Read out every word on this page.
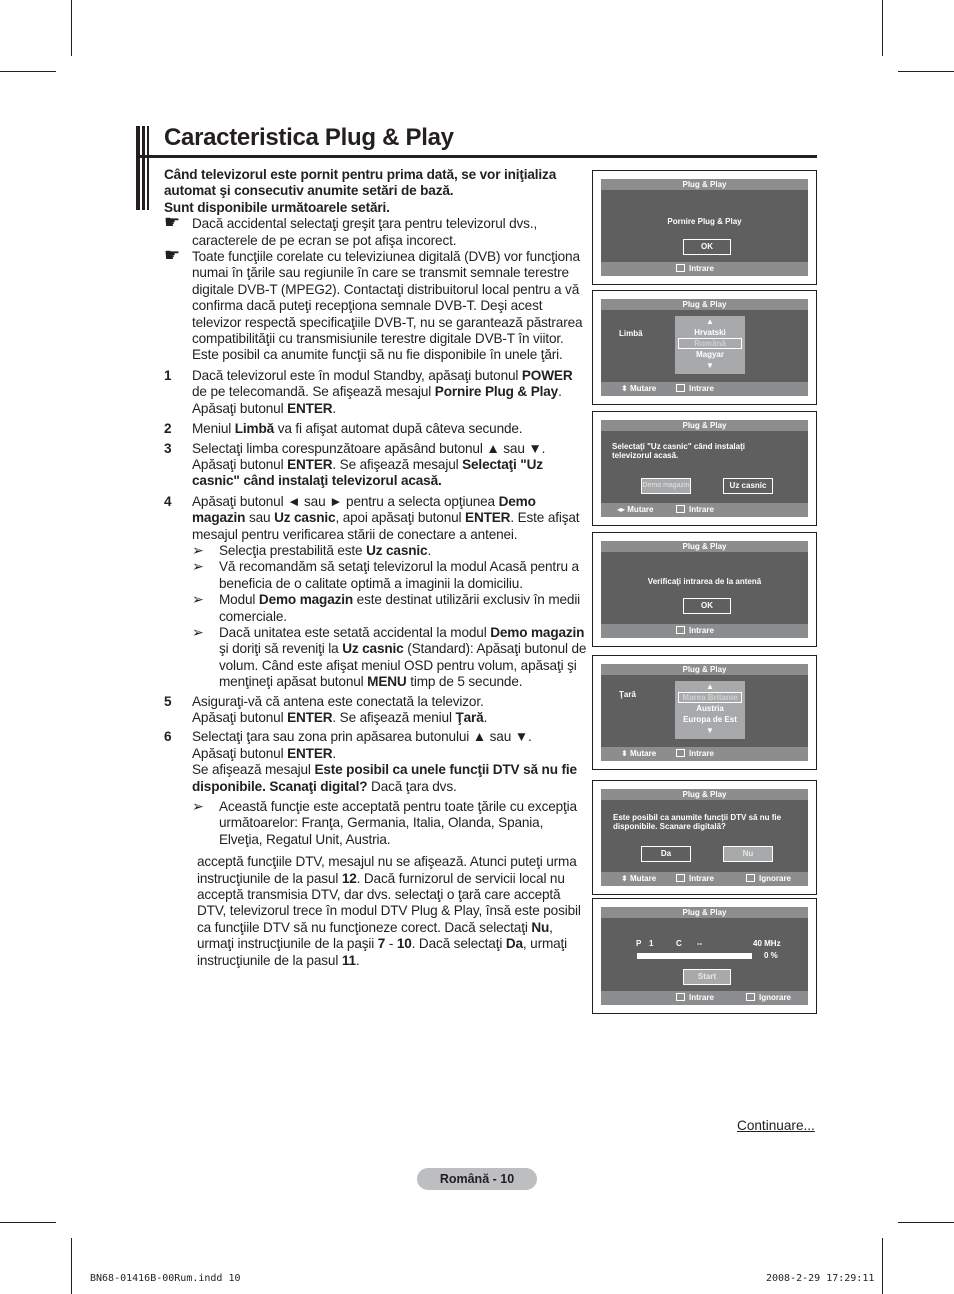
Caracteristica Plug & Play
Când televizorul este pornit pentru prima dată, se vor iniţializa
automat şi consecutiv anumite setări de bază.
Sunt disponibile următoarele setări.
☛ Dacă accidental selectaţi greşit ţara pentru televizorul dvs., caracterele de pe ecran se pot afişa incorect.
☛ Toate funcţiile corelate cu televiziunea digitală (DVB) vor funcţiona numai în ţările sau regiunile în care se transmit semnale terestre digitale DVB-T (MPEG2). Contactaţi distribuitorul local pentru a vă confirma dacă puteţi recepţiona semnale DVB-T. Deşi acest televizor respectă specificaţiile DVB-T, nu se garantează păstrarea compatibilităţii cu transmisiunile terestre digitale DVB-T în viitor. Este posibil ca anumite funcţii să nu fie disponibile în unele ţări.
1 Dacă televizorul este în modul Standby, apăsaţi butonul POWER de pe telecomandă. Se afişează mesajul Pornire Plug & Play. Apăsaţi butonul ENTER.
2 Meniul Limbă va fi afişat automat după câteva secunde.
3 Selectaţi limba corespunzătoare apăsând butonul ▲ sau ▼. Apăsaţi butonul ENTER. Se afişează mesajul Selectaţi "Uz casnic" când instalaţi televizorul acasă.
4 Apăsaţi butonul ◄ sau ► pentru a selecta opţiunea Demo magazin sau Uz casnic, apoi apăsaţi butonul ENTER. Este afişat mesajul pentru verificarea stării de conectare a antenei.
➢ Selecţia prestabilită este Uz casnic.
➢ Vă recomandăm să setaţi televizorul la modul Acasă pentru a beneficia de o calitate optimă a imaginii la domiciliu.
➢ Modul Demo magazin este destinat utilizării exclusiv în medii comerciale.
➢ Dacă unitatea este setată accidental la modul Demo magazin şi doriţi să reveniţi la Uz casnic (Standard): Apăsaţi butonul de volum. Când este afişat meniul OSD pentru volum, apăsaţi şi menţineţi apăsat butonul MENU timp de 5 secunde.
5 Asiguraţi-vă că antena este conectată la televizor.
Apăsaţi butonul ENTER. Se afişează meniul Ţară.
6 Selectaţi ţara sau zona prin apăsarea butonului ▲ sau ▼.
Apăsaţi butonul ENTER.
Se afişează mesajul Este posibil ca unele funcţii DTV să nu fie disponibile. Scanaţi digital? Dacă ţara dvs.
➢ Această funcţie este acceptată pentru toate ţările cu excepţia următoarelor: Franţa, Germania, Italia, Olanda, Spania, Elveţia, Regatul Unit, Austria.
acceptă funcţiile DTV, mesajul nu se afişează. Atunci puteţi urma instrucţiunile de la pasul 12. Dacă furnizorul de servicii local nu acceptă transmisia DTV, dar dvs. selectaţi o ţară care acceptă DTV, televizorul trece în modul DTV Plug & Play, însă este posibil ca funcţiile DTV să nu funcţioneze corect. Dacă selectaţi Nu, urmaţi instrucţiunile de la paşii 7 - 10. Dacă selectaţi Da, urmaţi instrucţiunile de la pasul 11.
Plug & Play
Pornire Plug & Play
OK
Intrare
Plug & Play
Limbă
▲
Hrvatski
Română
Magyar
▼
⬍ Mutare	Intrare
Plug & Play
Selectaţi "Uz casnic" când instalaţi
televizorul acasă.
Demo magazin	Uz casnic
◂▸ Mutare	Intrare
Plug & Play
Verificaţi intrarea de la antenă
OK
Intrare
Plug & Play
Ţară
▲
Marea Britanie
Austria
Europa de Est
▼
⬍ Mutare	Intrare
Plug & Play
Este posibil ca anumite funcţii DTV să nu fie
disponibile. Scanare digitală?
Da	Nu
⬍ Mutare	Intrare	Ignorare
Plug & Play
P 1	C --	40 MHz
0 %
Start
Intrare	Ignorare
Continuare...
Română - 10
BN68-01416B-00Rum.indd 10	2008-2-29 17:29:11
